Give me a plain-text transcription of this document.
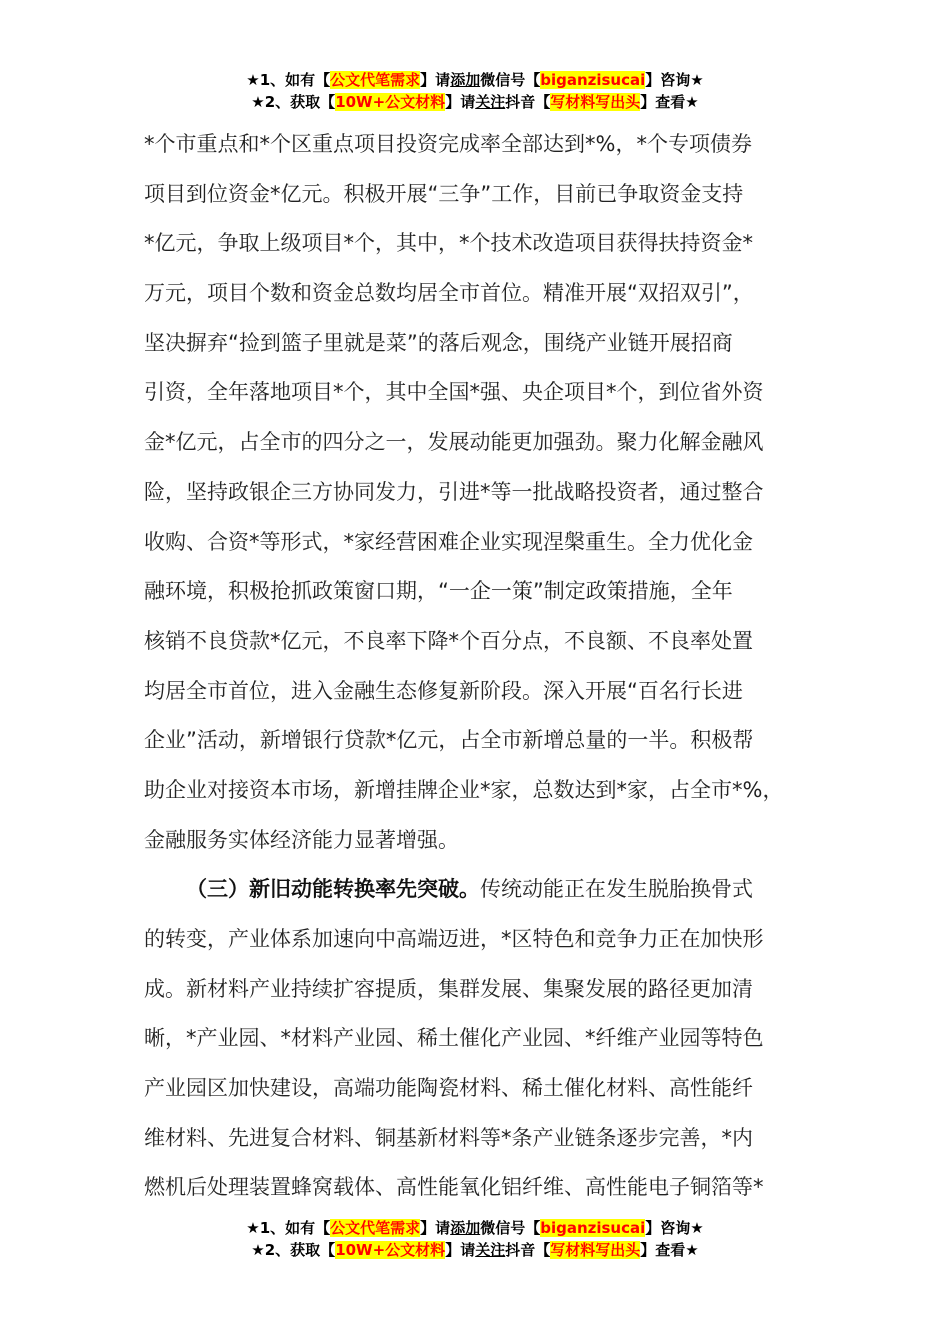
★1、如有【公文代笔需求】请添加微信号【biganzisucai】咨询★
★2、获取【10W+公文材料】请关注抖音【写材料写出头】查看★
*个市重点和*个区重点项目投资完成率全部达到*%，*个专项债券
项目到位资金*亿元。积极开展“三争”工作，目前已争取资金支持
*亿元，争取上级项目*个，其中，*个技术改造项目获得扶持资金*
万元，项目个数和资金总数均居全市首位。精准开展“双招双引”，
坚决摒弃“捡到篮子里就是菜”的落后观念，围绕产业链开展招商
引资，全年落地项目*个，其中全国*强、央企项目*个，到位省外资
金*亿元，占全市的四分之一，发展动能更加强劲。聚力化解金融风
险，坚持政银企三方协同发力，引进*等一批战略投资者，通过整合
收购、合资*等形式，*家经营困难企业实现涅槃重生。全力优化金
融环境，积极抢抓政策窗口期，“一企一策”制定政策措施，全年
核销不良贷款*亿元，不良率下降*个百分点，不良额、不良率处置
均居全市首位，进入金融生态修复新阶段。深入开展“百名行长进
企业”活动，新增银行贷款*亿元，占全市新增总量的一半。积极帮
助企业对接资本市场，新增挂牌企业*家，总数达到*家，占全市*%，
金融服务实体经济能力显著增强。
（三）新旧动能转换率先突破。传统动能正在发生脱胎换骨式
的转变，产业体系加速向中高端迈进，*区特色和竞争力正在加快形
成。新材料产业持续扩容提质，集群发展、集聚发展的路径更加清
晰，*产业园、*材料产业园、稀土催化产业园、*纤维产业园等特色
产业园区加快建设，高端功能陶瓷材料、稀土催化材料、高性能纤
维材料、先进复合材料、铜基新材料等*条产业链条逐步完善，*内
燃机后处理装置蜂窝载体、高性能氧化铝纤维、高性能电子铜箔等*
★1、如有【公文代笔需求】请添加微信号【biganzisucai】咨询★
★2、获取【10W+公文材料】请关注抖音【写材料写出头】查看★
